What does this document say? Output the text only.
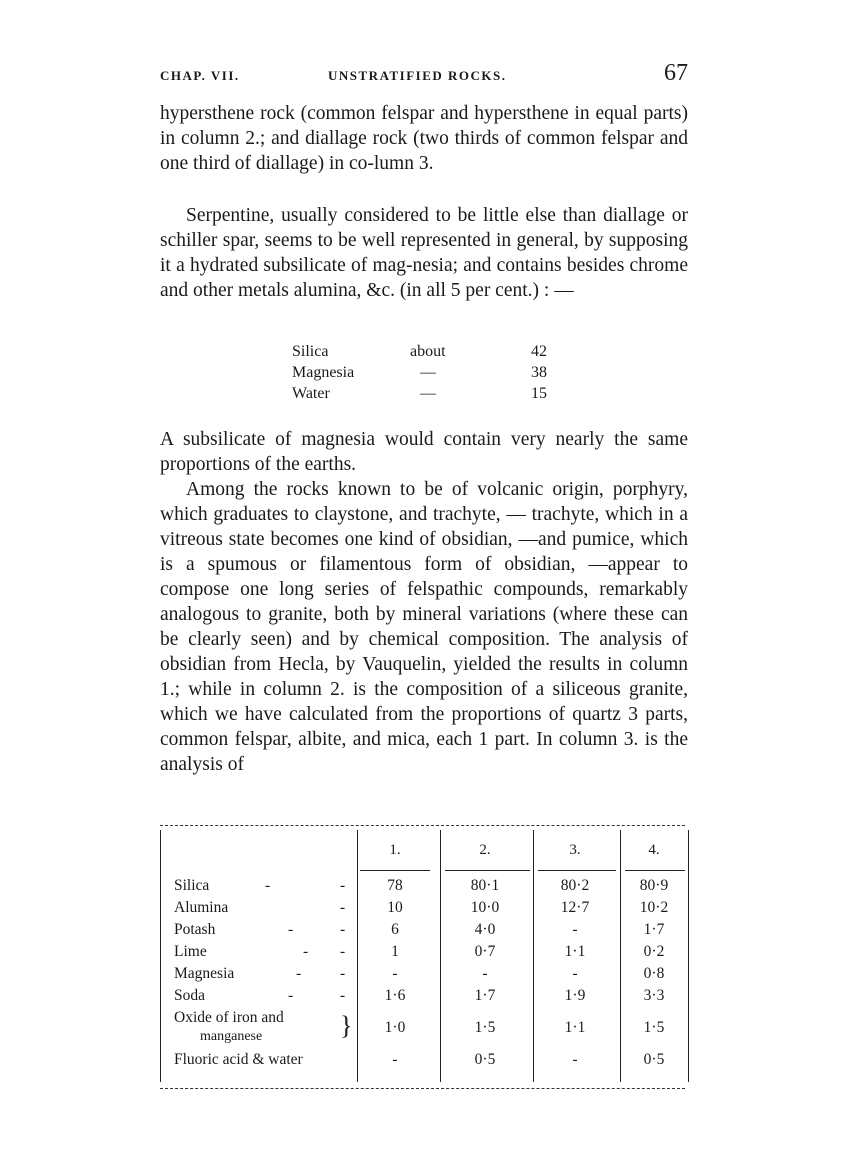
CHAP. VII.	UNSTRATIFIED ROCKS.	67

hypersthene rock (common felspar and hypersthene in equal parts) in column 2.; and diallage rock (two thirds of common felspar and one third of diallage) in co-lumn 3.

Serpentine, usually considered to be little else than diallage or schiller spar, seems to be well represented in general, by supposing it a hydrated subsilicate of mag-nesia; and contains besides chrome and other metals alumina, &c. (in all 5 per cent.) : —

Silica	about	42
Magnesia	—	38
Water	—	15

A subsilicate of magnesia would contain very nearly the same proportions of the earths.

Among the rocks known to be of volcanic origin, porphyry, which graduates to claystone, and trachyte, — trachyte, which in a vitreous state becomes one kind of obsidian, —and pumice, which is a spumous or filamentous form of obsidian, —appear to compose one long series of felspathic compounds, remarkably analogous to granite, both by mineral variations (where these can be clearly seen) and by chemical composition. The analysis of obsidian from Hecla, by Vauquelin, yielded the results in column 1.; while in column 2. is the composition of a siliceous granite, which we have calculated from the proportions of quartz 3 parts, common felspar, albite, and mica, each 1 part. In column 3. is the analysis of

1.	2.	3.	4.
Silica	-	-	78	80·1	80·2	80·9
Alumina	-	10	10·0	12·7	10·2
Potash	-	-	6	4·0	-	1·7
Lime	- -	1	0·7	1·1	0·2
Magnesia	-	-	-	-	-	0·8
Soda	-	-	1·6	1·7	1·9	3·3
Oxide of iron and
manganese	}	1·0	1·5	1·1	1·5
Fluoric acid & water	-	0·5	-	0·5
